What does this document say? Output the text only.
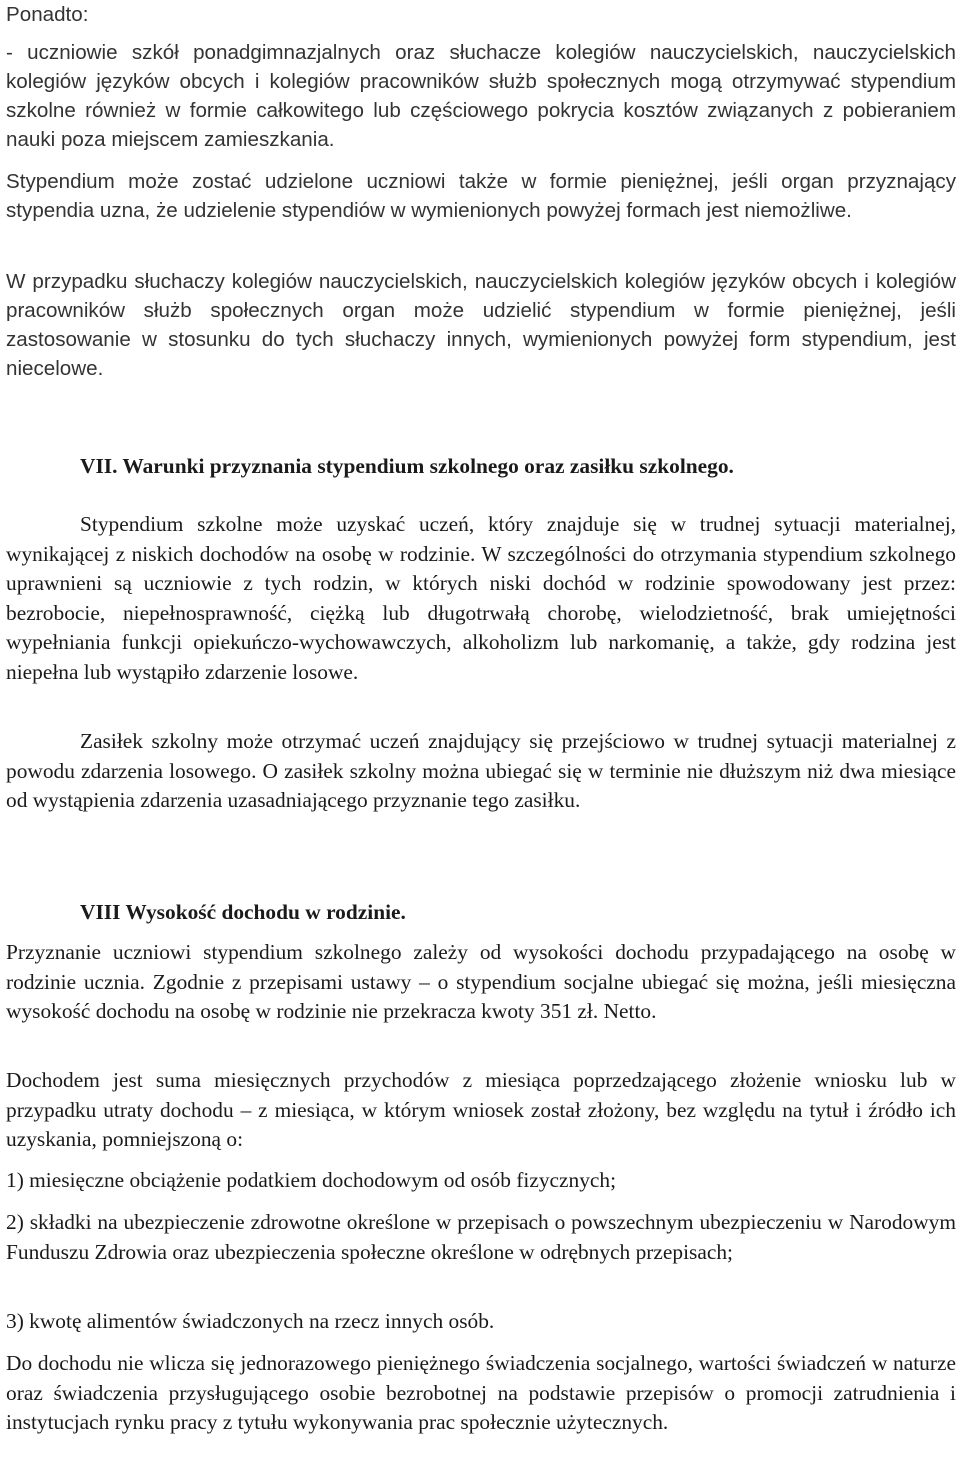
Ponadto:

- uczniowie szkół ponadgimnazjalnych oraz słuchacze kolegiów nauczycielskich, nauczycielskich kolegiów języków obcych i kolegiów pracowników służb społecznych mogą otrzymywać stypendium szkolne również w formie całkowitego lub częściowego pokrycia kosztów związanych z pobieraniem nauki poza miejscem zamieszkania.

Stypendium może zostać udzielone uczniowi także w formie pieniężnej, jeśli organ przyznający stypendia uzna, że udzielenie stypendiów w wymienionych powyżej formach jest niemożliwe.

W przypadku słuchaczy kolegiów nauczycielskich, nauczycielskich kolegiów języków obcych i kolegiów pracowników służb społecznych organ może udzielić stypendium w formie pieniężnej, jeśli zastosowanie w stosunku do tych słuchaczy innych, wymienionych powyżej form stypendium, jest niecelowe.

VII. Warunki przyznania stypendium szkolnego oraz zasiłku szkolnego.

Stypendium szkolne może uzyskać uczeń, który znajduje się w trudnej sytuacji materialnej, wynikającej z niskich dochodów na osobę w rodzinie. W szczególności do otrzymania stypendium szkolnego uprawnieni są uczniowie z tych rodzin, w których niski dochód w rodzinie spowodowany jest przez: bezrobocie, niepełnosprawność, ciężką lub długotrwałą chorobę, wielodzietność, brak umiejętności wypełniania funkcji opiekuńczo-wychowawczych, alkoholizm lub narkomanię, a także, gdy rodzina jest niepełna lub wystąpiło zdarzenie losowe.

Zasiłek szkolny może otrzymać uczeń znajdujący się przejściowo w trudnej sytuacji materialnej z powodu zdarzenia losowego. O zasiłek szkolny można ubiegać się w terminie nie dłuższym niż dwa miesiące od wystąpienia zdarzenia uzasadniającego przyznanie tego zasiłku.

VIII Wysokość dochodu w rodzinie.

Przyznanie uczniowi stypendium szkolnego zależy od wysokości dochodu przypadającego na osobę w rodzinie ucznia. Zgodnie z przepisami ustawy – o stypendium socjalne ubiegać się można, jeśli miesięczna wysokość dochodu na osobę w rodzinie nie przekracza kwoty 351 zł. Netto.

Dochodem jest suma miesięcznych przychodów z miesiąca poprzedzającego złożenie wniosku lub w przypadku utraty dochodu – z miesiąca, w którym wniosek został złożony, bez względu na tytuł i źródło ich uzyskania, pomniejszoną o:

1) miesięczne obciążenie podatkiem dochodowym od osób fizycznych;

2) składki na ubezpieczenie zdrowotne określone w przepisach o powszechnym ubezpieczeniu w Narodowym Funduszu Zdrowia oraz ubezpieczenia społeczne określone w odrębnych przepisach;

3) kwotę alimentów świadczonych na rzecz innych osób.

Do dochodu nie wlicza się jednorazowego pieniężnego świadczenia socjalnego, wartości świadczeń w naturze oraz świadczenia przysługującego osobie bezrobotnej na podstawie przepisów o promocji zatrudnienia i instytucjach rynku pracy z tytułu wykonywania prac społecznie użytecznych.
